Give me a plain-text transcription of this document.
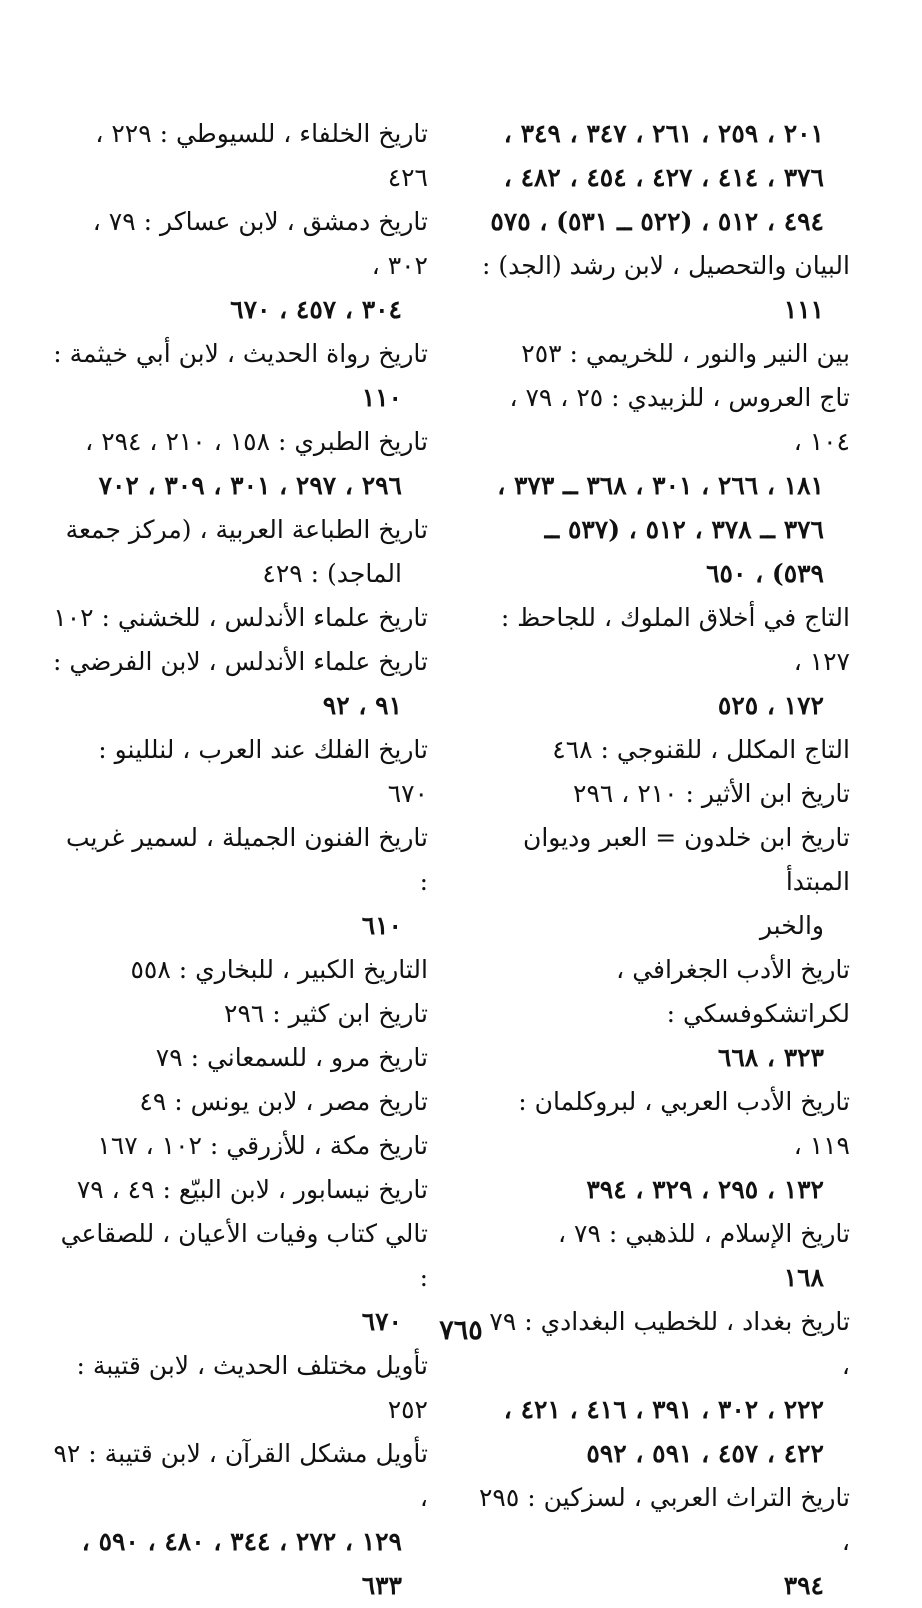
٢٠١ ، ٢٥٩ ، ٢٦١ ، ٣٤٧ ، ٣٤٩ ،
٣٧٦ ، ٤١٤ ، ٤٢٧ ، ٤٥٤ ، ٤٨٢ ،
٤٩٤ ، ٥١٢ ، (٥٢٢ ــ ٥٣١) ، ٥٧٥
البيان والتحصيل ، لابن رشد (الجد) :
١١١
بين النير والنور ، للخريمي : ٢٥٣
تاج العروس ، للزبيدي : ٢٥ ، ٧٩ ، ١٠٤ ،
١٨١ ، ٢٦٦ ، ٣٠١ ، ٣٦٨ ــ ٣٧٣ ،
٣٧٦ ــ ٣٧٨ ، ٥١٢ ، (٥٣٧ ــ
٥٣٩) ، ٦٥٠
التاج في أخلاق الملوك ، للجاحظ : ١٢٧ ،
١٧٢ ، ٥٢٥
التاج المكلل ، للقنوجي : ٤٦٨
تاريخ ابن الأثير : ٢١٠ ، ٢٩٦
تاريخ ابن خلدون = العبر وديوان المبتدأ
والخبر
تاريخ الأدب الجغرافي ، لكراتشكوفسكي :
٣٢٣ ، ٦٦٨
تاريخ الأدب العربي ، لبروكلمان : ١١٩ ،
١٣٢ ، ٢٩٥ ، ٣٢٩ ، ٣٩٤
تاريخ الإسلام ، للذهبي : ٧٩ ،
١٦٨
تاريخ بغداد ، للخطيب البغدادي : ٧٩ ،
٢٢٢ ، ٣٠٢ ، ٣٩١ ، ٤١٦ ، ٤٢١ ،
٤٢٢ ، ٤٥٧ ، ٥٩١ ، ٥٩٢
تاريخ التراث العربي ، لسزكين : ٢٩٥ ،
٣٩٤
تاريخ الخلفاء ، للسيوطي : ٢٢٩ ، ٤٢٦
تاريخ دمشق ، لابن عساكر : ٧٩ ، ٣٠٢ ،
٣٠٤ ، ٤٥٧ ، ٦٧٠
تاريخ رواة الحديث ، لابن أبي خيثمة :
١١٠
تاريخ الطبري : ١٥٨ ، ٢١٠ ، ٢٩٤ ،
٢٩٦ ، ٢٩٧ ، ٣٠١ ، ٣٠٩ ، ٧٠٢
تاريخ الطباعة العربية ، (مركز جمعة
الماجد) : ٤٢٩
تاريخ علماء الأندلس ، للخشني : ١٠٢
تاريخ علماء الأندلس ، لابن الفرضي :
٩١ ، ٩٢
تاريخ الفلك عند العرب ، لنللينو : ٦٧٠
تاريخ الفنون الجميلة ، لسمير غريب :
٦١٠
التاريخ الكبير ، للبخاري : ٥٥٨
تاريخ ابن كثير : ٢٩٦
تاريخ مرو ، للسمعاني : ٧٩
تاريخ مصر ، لابن يونس : ٤٩
تاريخ مكة ، للأزرقي : ١٠٢ ، ١٦٧
تاريخ نيسابور ، لابن البيّع : ٤٩ ، ٧٩
تالي كتاب وفيات الأعيان ، للصقاعي :
٦٧٠
تأويل مختلف الحديث ، لابن قتيبة : ٢٥٢
تأويل مشكل القرآن ، لابن قتيبة : ٩٢ ،
١٢٩ ، ٢٧٢ ، ٣٤٤ ، ٤٨٠ ، ٥٩٠ ،
٦٣٣
٧٦٥
